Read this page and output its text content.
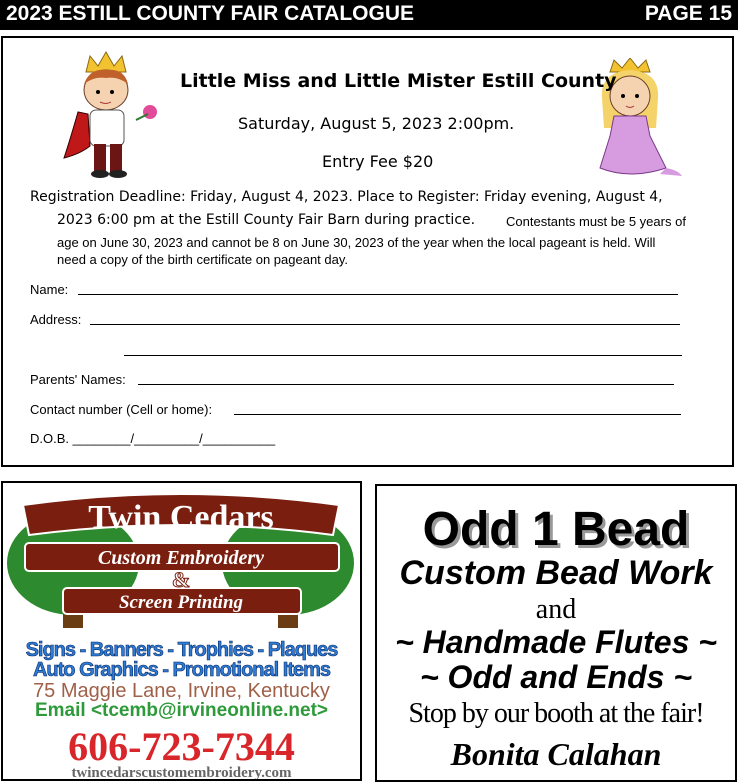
2023 ESTILL COUNTY FAIR CATALOGUE	PAGE 15
Little Miss and Little Mister Estill County
Saturday, August 5, 2023 2:00pm.
Entry Fee $20
Registration Deadline: Friday, August 4, 2023. Place to Register: Friday evening, August 4,
2023 6:00 pm at the Estill County Fair Barn during practice. Contestants must be 5 years of
age on June 30, 2023 and cannot be 8 on June 30, 2023 of the year when the local pageant is held. Will
need a copy of the birth certificate on pageant day.
Name:
Address:
Parents' Names:
Contact number (Cell or home):
D.O.B. ________/_________/__________
Twin Cedars
Custom Embroidery
&
Screen Printing
Signs - Banners - Trophies - Plaques
Auto Graphics - Promotional Items
75 Maggie Lane, Irvine, Kentucky
Email <tcemb@irvineonline.net>
606-723-7344
twincedarscustomembroidery.com
Odd 1 Bead
Custom Bead Work
and
~ Handmade Flutes ~
~ Odd and Ends ~
Stop by our booth at the fair!
Bonita Calahan
